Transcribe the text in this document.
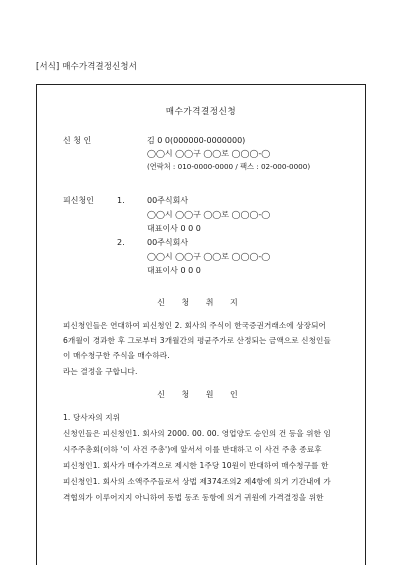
[서식] 매수가격결정신청서
매수가격결정신청
신 청 인	김 0 0(000000-0000000)
◯◯시 ◯◯구 ◯◯로 ◯◯◯-◯
(연락처 : 010-0000-0000 / 팩스 : 02-000-0000)
피신청인	1.	00주식회사
◯◯시 ◯◯구 ◯◯로 ◯◯◯-◯
대표이사 0 0 0
2.	00주식회사
◯◯시 ◯◯구 ◯◯로 ◯◯◯-◯
대표이사 0 0 0
신 청 취 지
피신청인들은 연대하여 피신청인 2. 회사의 주식이 한국증권거래소에 상장되어
6개월이 경과한 후 그로부터 3개월간의 평균주가로 산정되는 금액으로 신청인들
이 매수청구한 주식을 매수하라.
라는 결정을 구합니다.
신 청 원 인
1. 당사자의 지위
신청인들은 피신청인1. 회사의 2000. 00. 00. 영업양도 승인의 건 등을 위한 임
시주주총회(이하 '이 사건 주총')에 앞서서 이를 반대하고 이 사건 주총 종료후
피신청인1. 회사가 매수가격으로 제시한 1주당 10원이 반대하여 매수청구를 한
피신청인1. 회사의 소액주주들로서 상법 제374조의2 제4항에 의거 기간내에 가
격협의가 이루어지지 아니하여 동법 동조 동항에 의거 귀원에 가격결정을 위한
